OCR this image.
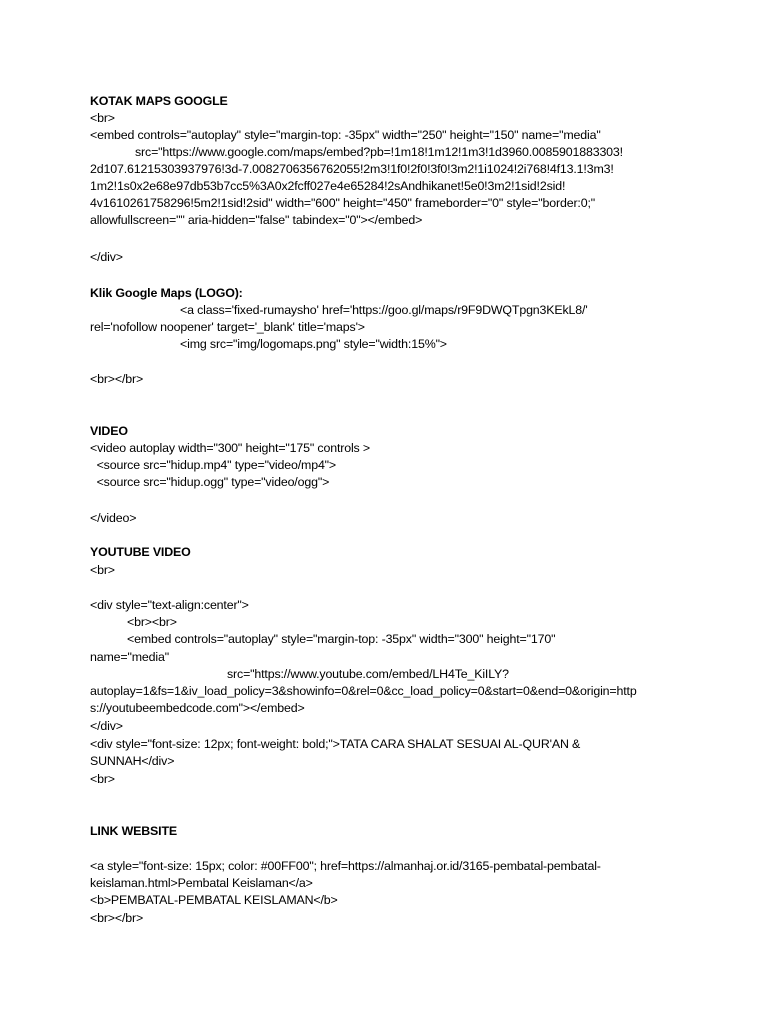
KOTAK MAPS GOOGLE
<br>
<embed controls="autoplay" style="margin-top: -35px" width="250" height="150" name="media"
src="https://www.google.com/maps/embed?pb=!1m18!1m12!1m3!1d3960.0085901883303!
2d107.61215303937976!3d-7.0082706356762055!2m3!1f0!2f0!3f0!3m2!1i1024!2i768!4f13.1!3m3!
1m2!1s0x2e68e97db53b7cc5%3A0x2fcff027e4e65284!2sAndhikanet!5e0!3m2!1sid!2sid!
4v1610261758296!5m2!1sid!2sid" width="600" height="450" frameborder="0" style="border:0;"
allowfullscreen="" aria-hidden="false" tabindex="0"></embed>
</div>
Klik Google Maps (LOGO):
<a class='fixed-rumaysho' href='https://goo.gl/maps/r9F9DWQTpgn3KEkL8/'
rel='nofollow noopener' target='_blank' title='maps'>
<img src="img/logomaps.png" style="width:15%">
<br></br>
VIDEO
<video autoplay width="300" height="175" controls >
<source src="hidup.mp4" type="video/mp4">
<source src="hidup.ogg" type="video/ogg">
</video>
YOUTUBE VIDEO
<br>
<div style="text-align:center">
<br><br>
<embed controls="autoplay" style="margin-top: -35px" width="300" height="170"
name="media"
src="https://www.youtube.com/embed/LH4Te_KiILY?
autoplay=1&fs=1&iv_load_policy=3&showinfo=0&rel=0&cc_load_policy=0&start=0&end=0&origin=http
s://youtubeembedcode.com"></embed>
</div>
<div style="font-size: 12px; font-weight: bold;">TATA CARA SHALAT SESUAI AL-QUR'AN &
SUNNAH</div>
<br>
LINK WEBSITE
<a style="font-size: 15px; color: #00FF00"; href=https://almanhaj.or.id/3165-pembatal-pembatal-
keislaman.html>Pembatal Keislaman</a>
<b>PEMBATAL-PEMBATAL KEISLAMAN</b>
<br></br>
